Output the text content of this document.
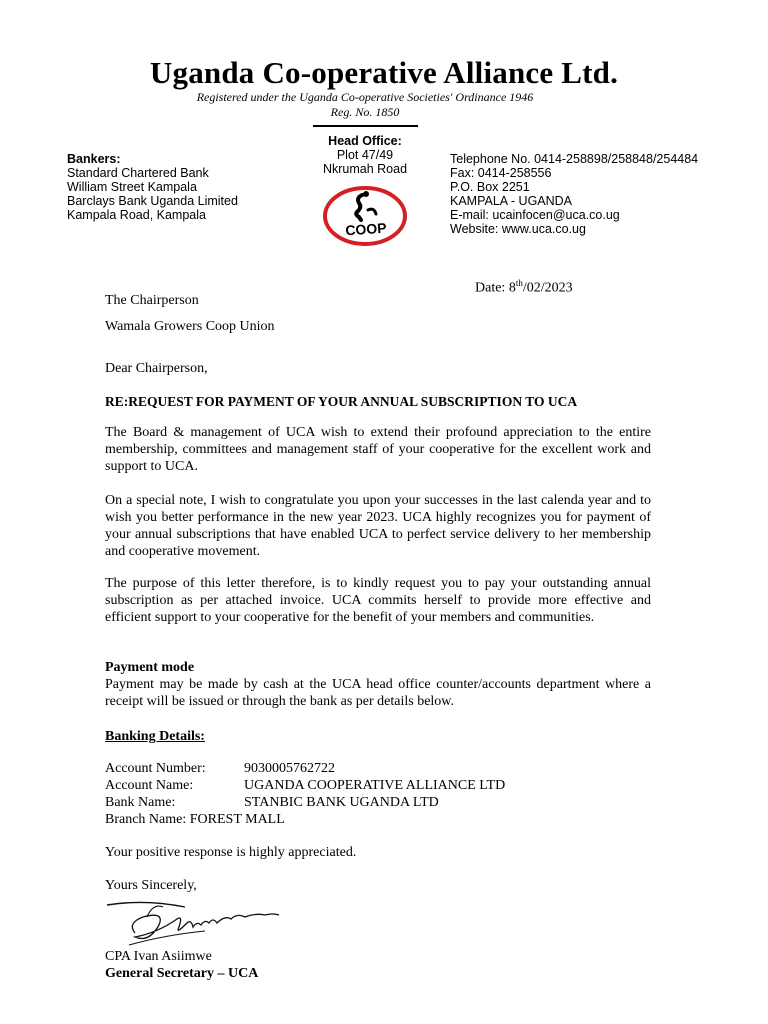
Uganda Co-operative Alliance Ltd.
Registered under the Uganda Co-operative Societies' Ordinance 1946
Reg. No. 1850
Head Office:
Plot 47/49
Nkrumah Road
Bankers:
Standard Chartered Bank
William Street Kampala
Barclays Bank Uganda Limited
Kampala Road, Kampala
Telephone No. 0414-258898/258848/254484
Fax: 0414-258556
P.O. Box 2251
KAMPALA - UGANDA
E-mail: ucainfocen@uca.co.ug
Website: www.uca.co.ug
COOP
Date: 8th/02/2023
The Chairperson
Wamala Growers Coop Union
Dear Chairperson,
RE:REQUEST FOR PAYMENT OF YOUR ANNUAL SUBSCRIPTION TO UCA
The Board & management of UCA wish to extend their profound appreciation to the entire membership, committees and management staff of your cooperative for the excellent work and support to UCA.
On a special note, I wish to congratulate you upon your successes in the last calenda year and to wish you better performance in the new year 2023. UCA highly recognizes you for payment of your annual subscriptions that have enabled UCA to perfect service delivery to her membership and cooperative movement.
The purpose of this letter therefore, is to kindly request you to pay your outstanding annual subscription as per attached invoice. UCA commits herself to provide more effective and efficient support to your cooperative for the benefit of your members and communities.
Payment mode
Payment may be made by cash at the UCA head office counter/accounts department where a receipt will be issued or through the bank as per details below.
Banking Details:
Account Number:	9030005762722
Account Name:	UGANDA COOPERATIVE ALLIANCE LTD
Bank Name:	STANBIC BANK UGANDA LTD
Branch Name: FOREST MALL
Your positive response is highly appreciated.
Yours Sincerely,
CPA Ivan Asiimwe
General Secretary – UCA
